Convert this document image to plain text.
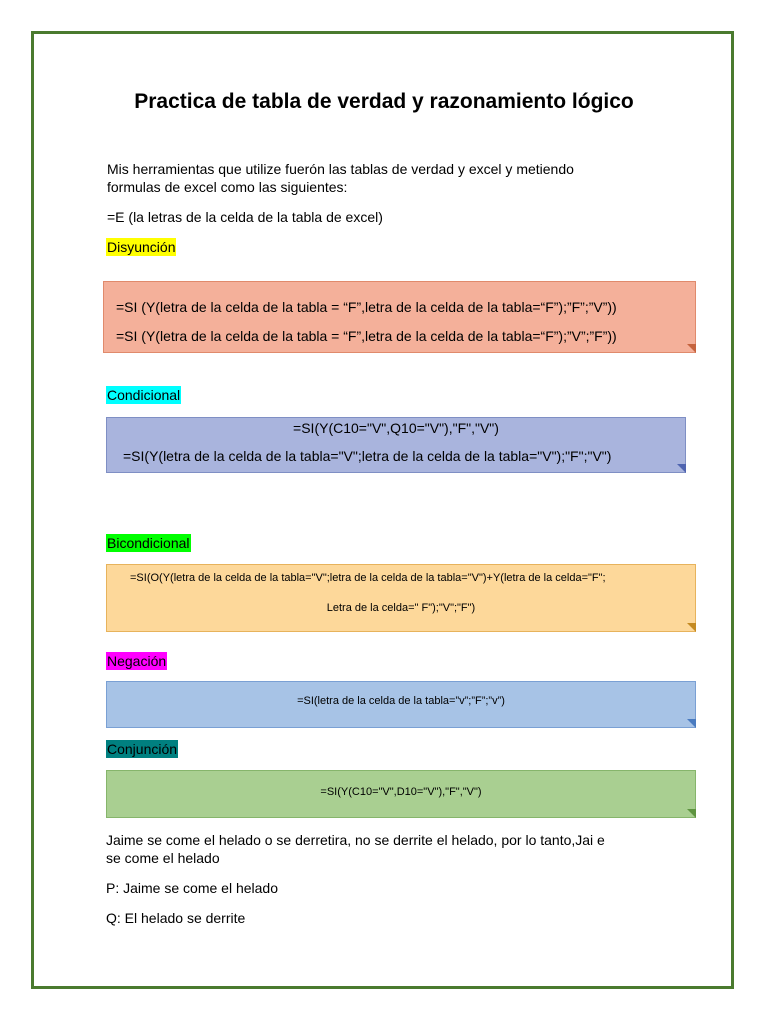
Practica de tabla de verdad y razonamiento lógico

Mis herramientas que utilize fuerón las tablas de verdad y excel y metiendo

formulas de excel como las siguientes:

=E (la letras de la celda de la tabla de excel)

Disyunción
=SI (Y(letra de la celda de la tabla = “F”,letra de la celda de la tabla=“F”);”F”;”V”))
=SI (Y(letra de la celda de la tabla = “F”,letra de la celda de la tabla=“F”);”V”;”F”))
Condicional
=SI(Y(C10="V",Q10="V"),"F","V")
=SI(Y(letra de la celda de la tabla="V";letra de la celda de la tabla="V");"F";"V")
Bicondicional
=SI(O(Y(letra de la celda de la tabla="V";letra de la celda de la tabla="V")+Y(letra de la celda="F";
Letra de la celda=" F");"V";"F")
Negación
=SI(letra de la celda de la tabla=”v”;”F”;”v”)
Conjunción
=SI(Y(C10="V",D10="V"),"F","V")

Jaime se come el helado o se derretira, no se derrite el helado, por lo tanto,Jai e

se come el helado

P: Jaime se come el helado

Q: El helado se derrite
